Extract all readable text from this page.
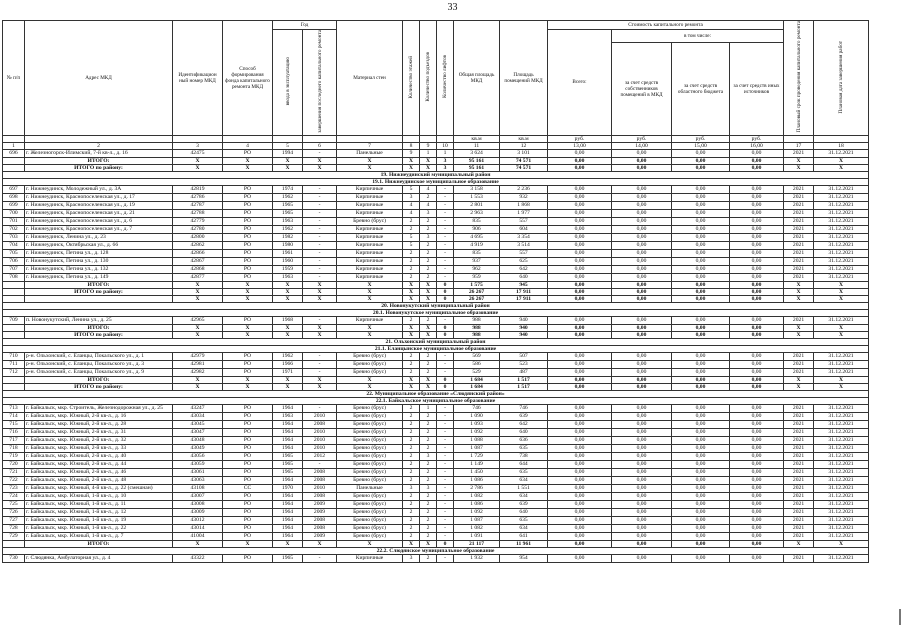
33
№ п/п	Адрес МКД	Идентификацион ный номер МКД	Способ формирования фонда капитального ремонта МКД	Год		Материал стен	Количество этажей	Количество подъездов	Количество лифтов	Общая площадь МКД	Площадь помещений МКД	Стоимость капитального ремонта				Плановый срок проведения капитального ремонта	Плановая дата завершения работ
				ввода в эксплуатацию	завершения последнего капитального ремонта							Всего:	в том числе:				
													за счет средств собственников помещений в МКД	за счет средств областного бюджета	за счет средств иных источников		
										кв.м	кв.м	руб.	руб.	руб.	руб.		
1	2	3	4	5	6	7	8	9	10	11	12	13,00	14,00	15,00	16,00	17	18
696	г. Железногорск-Илимский, 7-й кв-л., д. 16	42475	РО	1994	-	Панельные	9	1	1	3 624	3 101	0,00	0,00	0,00	0,00	2021	31.12.2021
	ИТОГО:	X	X	X	X	X	X	X	3	95 161	74 571	0,00	0,00	0,00	0,00	X	X
	ИТОГО по району:	X	X	X	X	X	X	X	3	95 161	74 571	0,00	0,00	0,00	0,00	X	X
19. Нижнеудинский муниципальный район																	
19.1. Нижнеудинское муниципальное образование																	
697	г. Нижнеудинск, Молодежный ул., д. 3А	42819	РО	1974	-	Кирпичные	5	4	-	3 158	2 236	0,00	0,00	0,00	0,00	2021	31.12.2021
698	г. Нижнеудинск, Краснопоселенская ул., д. 17	42786	РО	1962	-	Кирпичные	3	2	-	1 553	932	0,00	0,00	0,00	0,00	2021	31.12.2021
699	г. Нижнеудинск, Краснопоселенская ул., д. 19	42787	РО	1965	-	Кирпичные	4	4	-	2 801	1 868	0,00	0,00	0,00	0,00	2021	31.12.2021
700	г. Нижнеудинск, Краснопоселенская ул., д. 21	42788	РО	1965	-	Кирпичные	4	3	-	2 963	1 977	0,00	0,00	0,00	0,00	2021	31.12.2021
701	г. Нижнеудинск, Краснопоселенская ул., д. 6	42779	РО	1963	-	Бревно (брус)	2	2	-	835	557	0,00	0,00	0,00	0,00	2021	31.12.2021
702	г. Нижнеудинск, Краснопоселенская ул., д. 7	42780	РО	1962	-	Кирпичные	2	2	-	906	604	0,00	0,00	0,00	0,00	2021	31.12.2021
703	г. Нижнеудинск, Ленина ул., д. 23	42800	РО	1982	-	Кирпичные	5	3	-	4 695	3 354	0,00	0,00	0,00	0,00	2021	31.12.2021
704	г. Нижнеудинск, Октябрьская ул., д. 66	42862	РО	1980	-	Кирпичные	5	2	-	4 919	3 514	0,00	0,00	0,00	0,00	2021	31.12.2021
705	г. Нижнеудинск, Петина ул., д. 128	42866	РО	1961	-	Кирпичные	2	2	-	835	557	0,00	0,00	0,00	0,00	2021	31.12.2021
706	г. Нижнеудинск, Петина ул., д. 130	42867	РО	1960	-	Кирпичные	2	2	-	937	625	0,00	0,00	0,00	0,00	2021	31.12.2021
707	г. Нижнеудинск, Петина ул., д. 132	42868	РО	1959	-	Кирпичные	2	2	-	962	642	0,00	0,00	0,00	0,00	2021	31.12.2021
708	г. Нижнеудинск, Петина ул., д. 149	42877	РО	1963	-	Кирпичные	2	2	-	959	640	0,00	0,00	0,00	0,00	2021	31.12.2021
	ИТОГО:	X	X	X	X	X	X	X	0	1 575	945	0,00	0,00	0,00	0,00	X	X
	ИТОГО по району:	X	X	X	X	X	X	X	0	26 267	17 911	0,00	0,00	0,00	0,00	X	X
		X	X	X	X	X	X	X	0	26 267	17 911	0,00	0,00	0,00	0,00	X	X
20. Новонукутский муниципальный район																	
20.1. Новонукутское муниципальное образование																	
709	п. Новонукутский, Ленина ул., д. 25	42965	РО	1968	-	Кирпичные	2	2	-	988	940	0,00	0,00	0,00	0,00	2021	31.12.2021
	ИТОГО:	X	X	X	X	X	X	X	0	988	940	0,00	0,00	0,00	0,00	X	X
	ИТОГО по району:	X	X	X	X	X	X	X	0	988	940	0,00	0,00	0,00	0,00	X	X
21. Ольхонский муниципальный район																	
21.1. Еланцынское муниципальное образование																	
710	р-н. Ольхонский, с. Еланцы, Покальского ул., д. 1	42979	РО	1962	-	Бревно (брус)	2	2	-	569	507	0,00	0,00	0,00	0,00	2021	31.12.2021
711	р-н. Ольхонский, с. Еланцы, Покальского ул., д. 3	42981	РО	1966	-	Бревно (брус)	2	2	-	586	523	0,00	0,00	0,00	0,00	2021	31.12.2021
712	р-н. Ольхонский, с. Еланцы, Покальского ул., д. 9	42982	РО	1971	-	Бревно (брус)	2	2	-	529	487	0,00	0,00	0,00	0,00	2021	31.12.2021
	ИТОГО:	X	X	X	X	X	X	X	0	1 684	1 517	0,00	0,00	0,00	0,00	X	X
	ИТОГО по району:	X	X	X	X	X	X	X	0	1 684	1 517	0,00	0,00	0,00	0,00	X	X
22. Муниципальное образование «Слюдянский район»																	
22.1. Байкальское муниципальное образование																	
713	г. Байкальск, мкр. Строитель, Железнодорожная ул., д. 25	43247	РО	1964	-	Бревно (брус)	2	1	-	746	746	0,00	0,00	0,00	0,00	2021	31.12.2021
714	г. Байкальск, мкр. Южный, 2-й кв-л., д. 16	43034	РО	1963	2010	Бревно (брус)	2	2	-	1 090	639	0,00	0,00	0,00	0,00	2021	31.12.2021
715	г. Байкальск, мкр. Южный, 2-й кв-л., д. 28	43045	РО	1964	2008	Бревно (брус)	2	2	-	1 093	642	0,00	0,00	0,00	0,00	2021	31.12.2021
716	г. Байкальск, мкр. Южный, 2-й кв-л., д. 31	43047	РО	1964	2010	Бревно (брус)	2	2	-	1 092	640	0,00	0,00	0,00	0,00	2021	31.12.2021
717	г. Байкальск, мкр. Южный, 2-й кв-л., д. 32	43048	РО	1964	2010	Бревно (брус)	2	2	-	1 088	636	0,00	0,00	0,00	0,00	2021	31.12.2021
718	г. Байкальск, мкр. Южный, 2-й кв-л., д. 33	43049	РО	1964	2010	Бревно (брус)	2	2	-	1 087	635	0,00	0,00	0,00	0,00	2021	31.12.2021
719	г. Байкальск, мкр. Южный, 2-й кв-л., д. 40	43056	РО	1965	2012	Бревно (брус)	2	3	-	1 729	738	0,00	0,00	0,00	0,00	2021	31.12.2021
720	г. Байкальск, мкр. Южный, 2-й кв-л., д. 44	43059	РО	1965	-	Бревно (брус)	2	2	-	1 149	644	0,00	0,00	0,00	0,00	2021	31.12.2021
721	г. Байкальск, мкр. Южный, 2-й кв-л., д. 46	43061	РО	1965	2008	Бревно (брус)	2	2	-	1 450	635	0,00	0,00	0,00	0,00	2021	31.12.2021
722	г. Байкальск, мкр. Южный, 2-й кв-л., д. 48	43063	РО	1964	2008	Бревно (брус)	2	2	-	1 086	634	0,00	0,00	0,00	0,00	2021	31.12.2021
723	г. Байкальск, мкр. Южный, 4-й кв-л., д. 22 (смешнан)	43108	СС	1970	2010	Панельные	3	3	-	2 786	1 551	0,00	0,00	0,00	0,00	2021	31.12.2021
724	г. Байкальск, мкр. Южный, 1-й кв-л., д. 10	43007	РО	1964	2008	Бревно (брус)	2	2	-	1 082	634	0,00	0,00	0,00	0,00	2021	31.12.2021
725	г. Байкальск, мкр. Южный, 1-й кв-л., д. 11	43008	РО	1964	2009	Бревно (брус)	2	2	-	1 086	639	0,00	0,00	0,00	0,00	2021	31.12.2021
726	г. Байкальск, мкр. Южный, 1-й кв-л., д. 12	43009	РО	1964	2009	Бревно (брус)	2	2	-	1 092	640	0,00	0,00	0,00	0,00	2021	31.12.2021
727	г. Байкальск, мкр. Южный, 1-й кв-л., д. 19	43012	РО	1964	2008	Бревно (брус)	2	2	-	1 087	635	0,00	0,00	0,00	0,00	2021	31.12.2021
728	г. Байкальск, мкр. Южный, 1-й кв-л., д. 22	43014	РО	1964	2008	Бревно (брус)	2	2	-	1 082	634	0,00	0,00	0,00	0,00	2021	31.12.2021
729	г. Байкальск, мкр. Южный, 1-й кв-л., д. 7	41004	РО	1964	2009	Бревно (брус)	2	2	-	1 091	641	0,00	0,00	0,00	0,00	2021	31.12.2021
	ИТОГО:	X	X	X	X	X	X	X	0	21 117	11 961	0,00	0,00	0,00	0,00	X	X
22.2. Слюдянское муниципальное образование																	
730	г. Слюдянка, Амбулаторная ул., д. 4	43322	РО	1965	-	Кирпичные	3	2	-	1 932	954	0,00	0,00	0,00	0,00	2021	31.12.2021
